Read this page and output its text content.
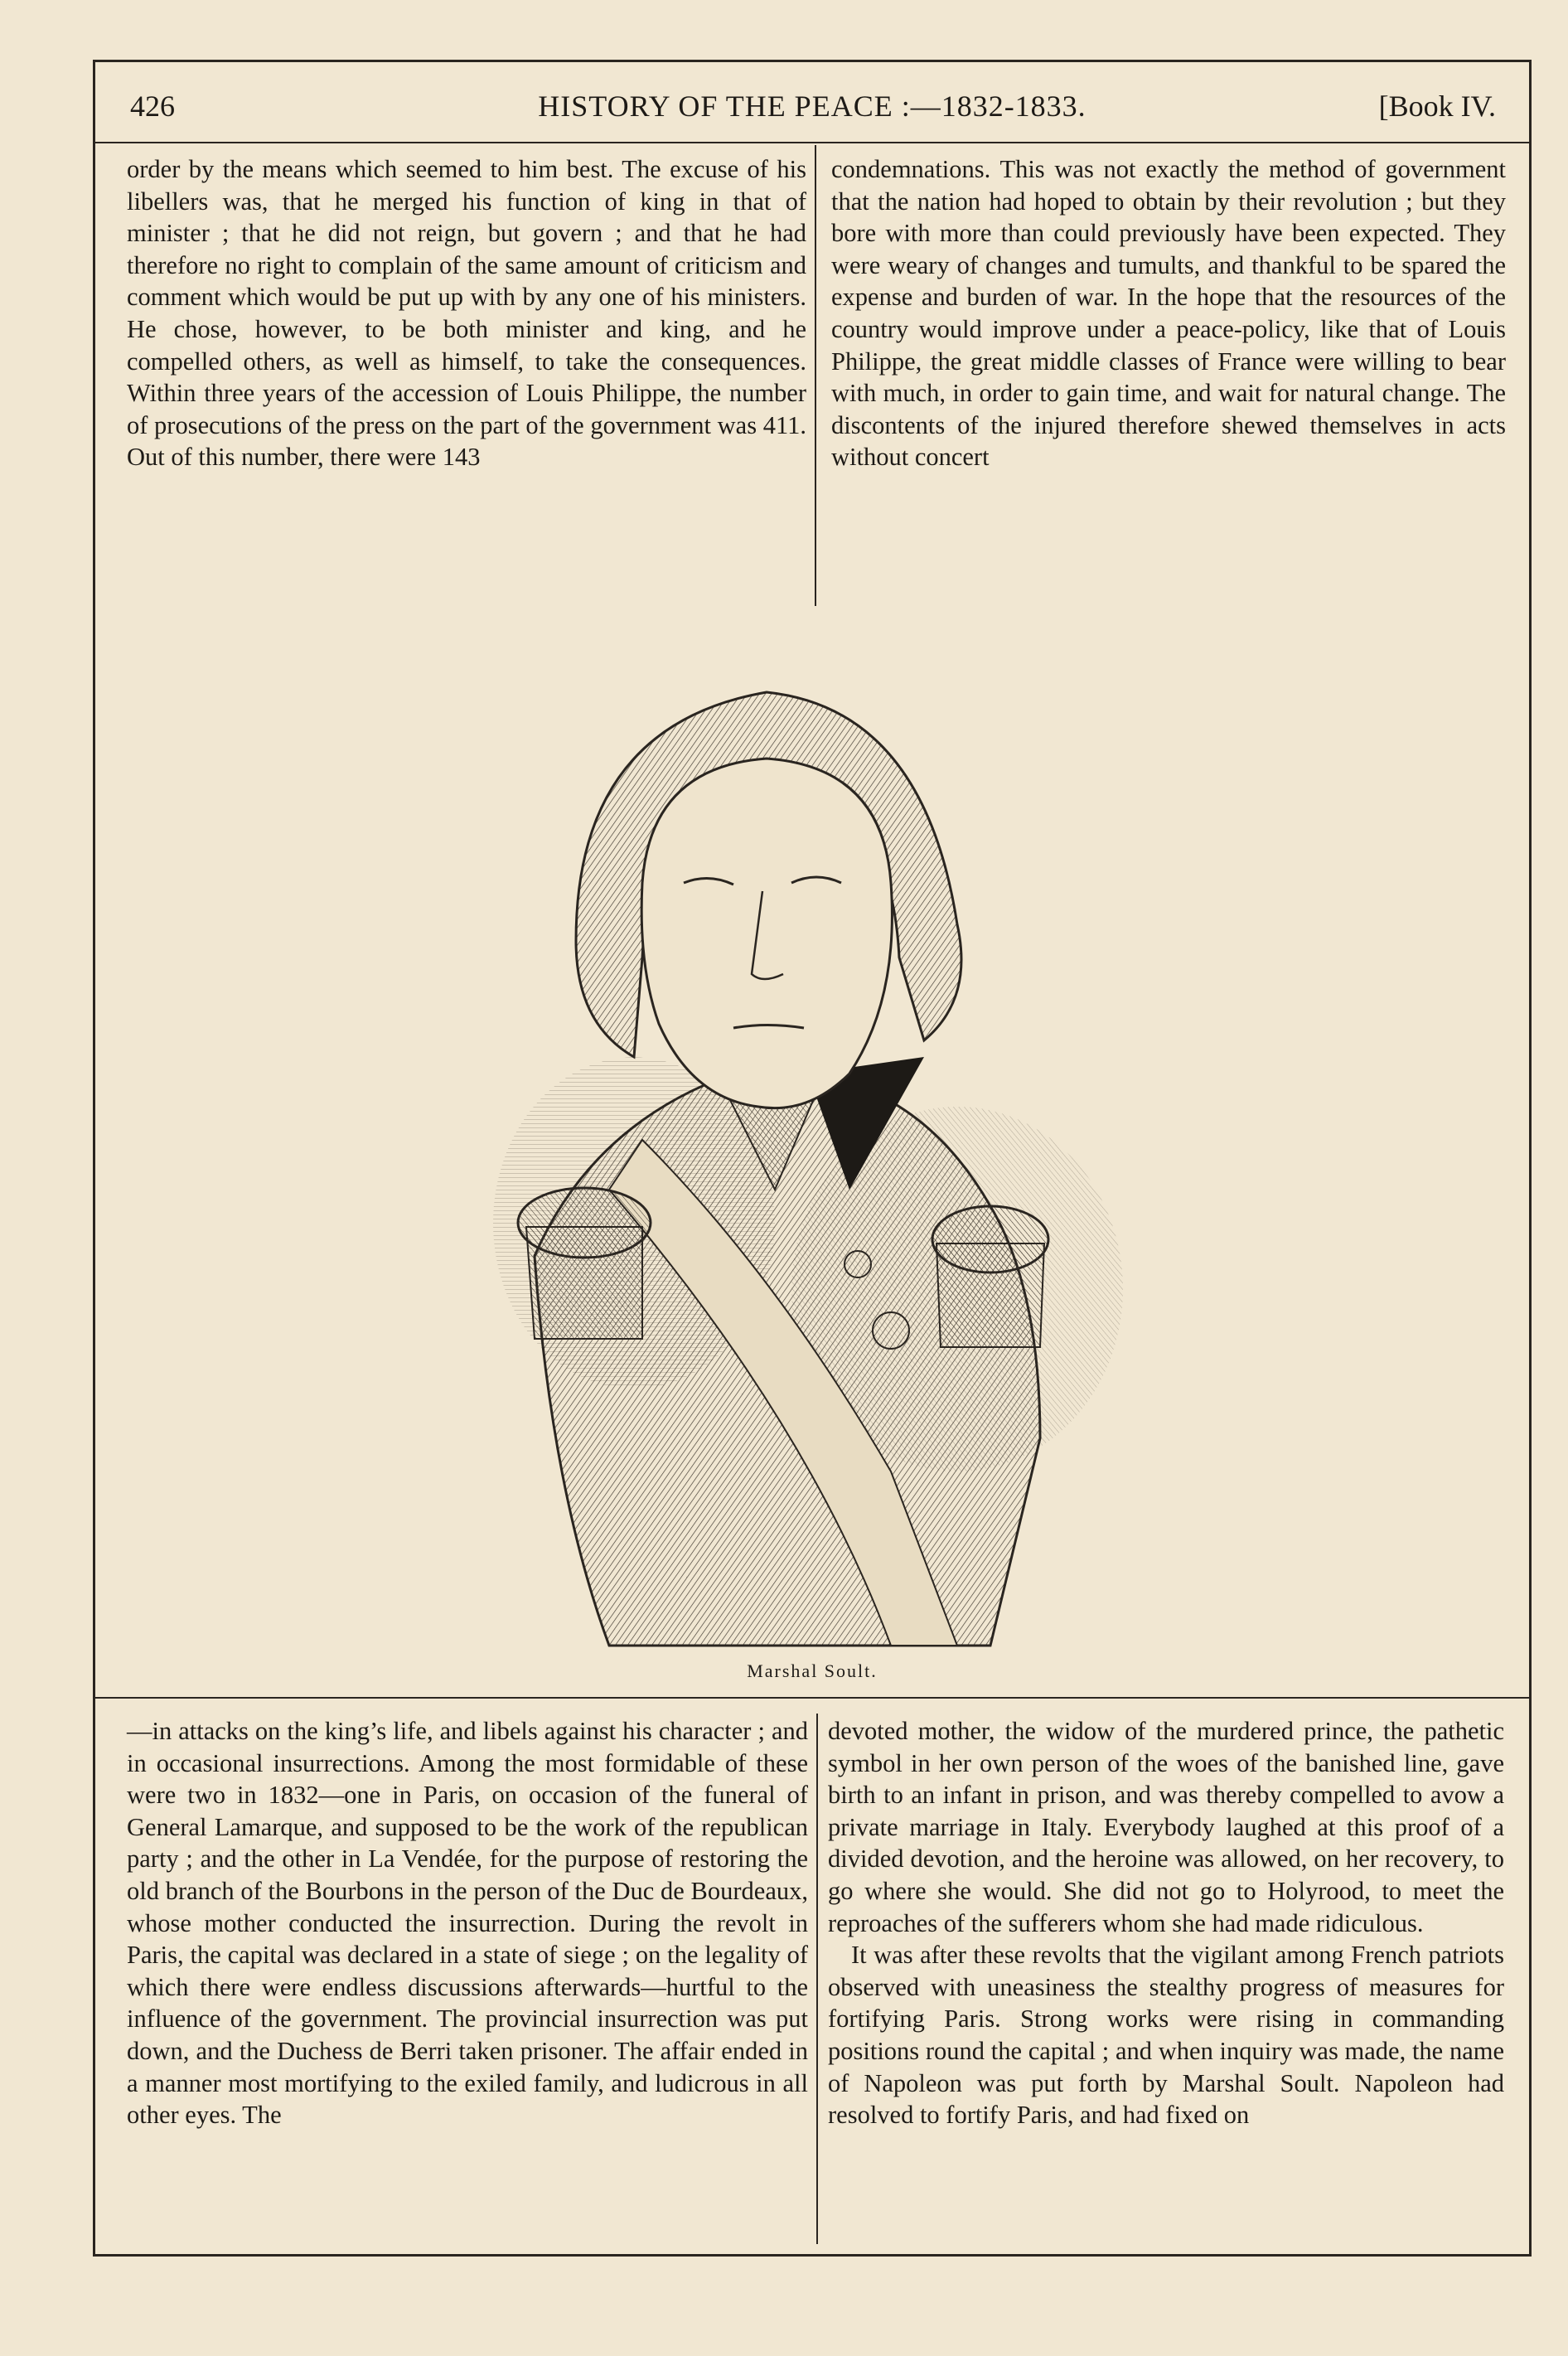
426	HISTORY OF THE PEACE :—1832-1833.	[Book IV.

order by the means which seemed to him best. The excuse of his libellers was, that he merged his function of king in that of minister ; that he did not reign, but govern ; and that he had therefore no right to complain of the same amount of criticism and comment which would be put up with by any one of his ministers. He chose, however, to be both minister and king, and he compelled others, as well as himself, to take the consequences. Within three years of the accession of Louis Philippe, the number of prosecutions of the press on the part of the government was 411. Out of this number, there were 143

condemnations. This was not exactly the method of government that the nation had hoped to obtain by their revolution ; but they bore with more than could previously have been expected. They were weary of changes and tumults, and thankful to be spared the expense and burden of war. In the hope that the resources of the country would improve under a peace-policy, like that of Louis Philippe, the great middle classes of France were willing to bear with much, in order to gain time, and wait for natural change. The discontents of the injured therefore shewed themselves in acts without concert

Marshal Soult.

—in attacks on the king’s life, and libels against his character ; and in occasional insurrections. Among the most formidable of these were two in 1832—one in Paris, on occasion of the funeral of General Lamarque, and supposed to be the work of the republican party ; and the other in La Vendée, for the purpose of restoring the old branch of the Bourbons in the person of the Duc de Bourdeaux, whose mother conducted the insurrection. During the revolt in Paris, the capital was declared in a state of siege ; on the legality of which there were endless discussions afterwards—hurtful to the influence of the government. The provincial insurrection was put down, and the Duchess de Berri taken prisoner. The affair ended in a manner most mortifying to the exiled family, and ludicrous in all other eyes. The

devoted mother, the widow of the murdered prince, the pathetic symbol in her own person of the woes of the banished line, gave birth to an infant in prison, and was thereby compelled to avow a private marriage in Italy. Everybody laughed at this proof of a divided devotion, and the heroine was allowed, on her recovery, to go where she would. She did not go to Holyrood, to meet the reproaches of the sufferers whom she had made ridiculous.

It was after these revolts that the vigilant among French patriots observed with uneasiness the stealthy progress of measures for fortifying Paris. Strong works were rising in commanding positions round the capital ; and when inquiry was made, the name of Napoleon was put forth by Marshal Soult. Napoleon had resolved to fortify Paris, and had fixed on
